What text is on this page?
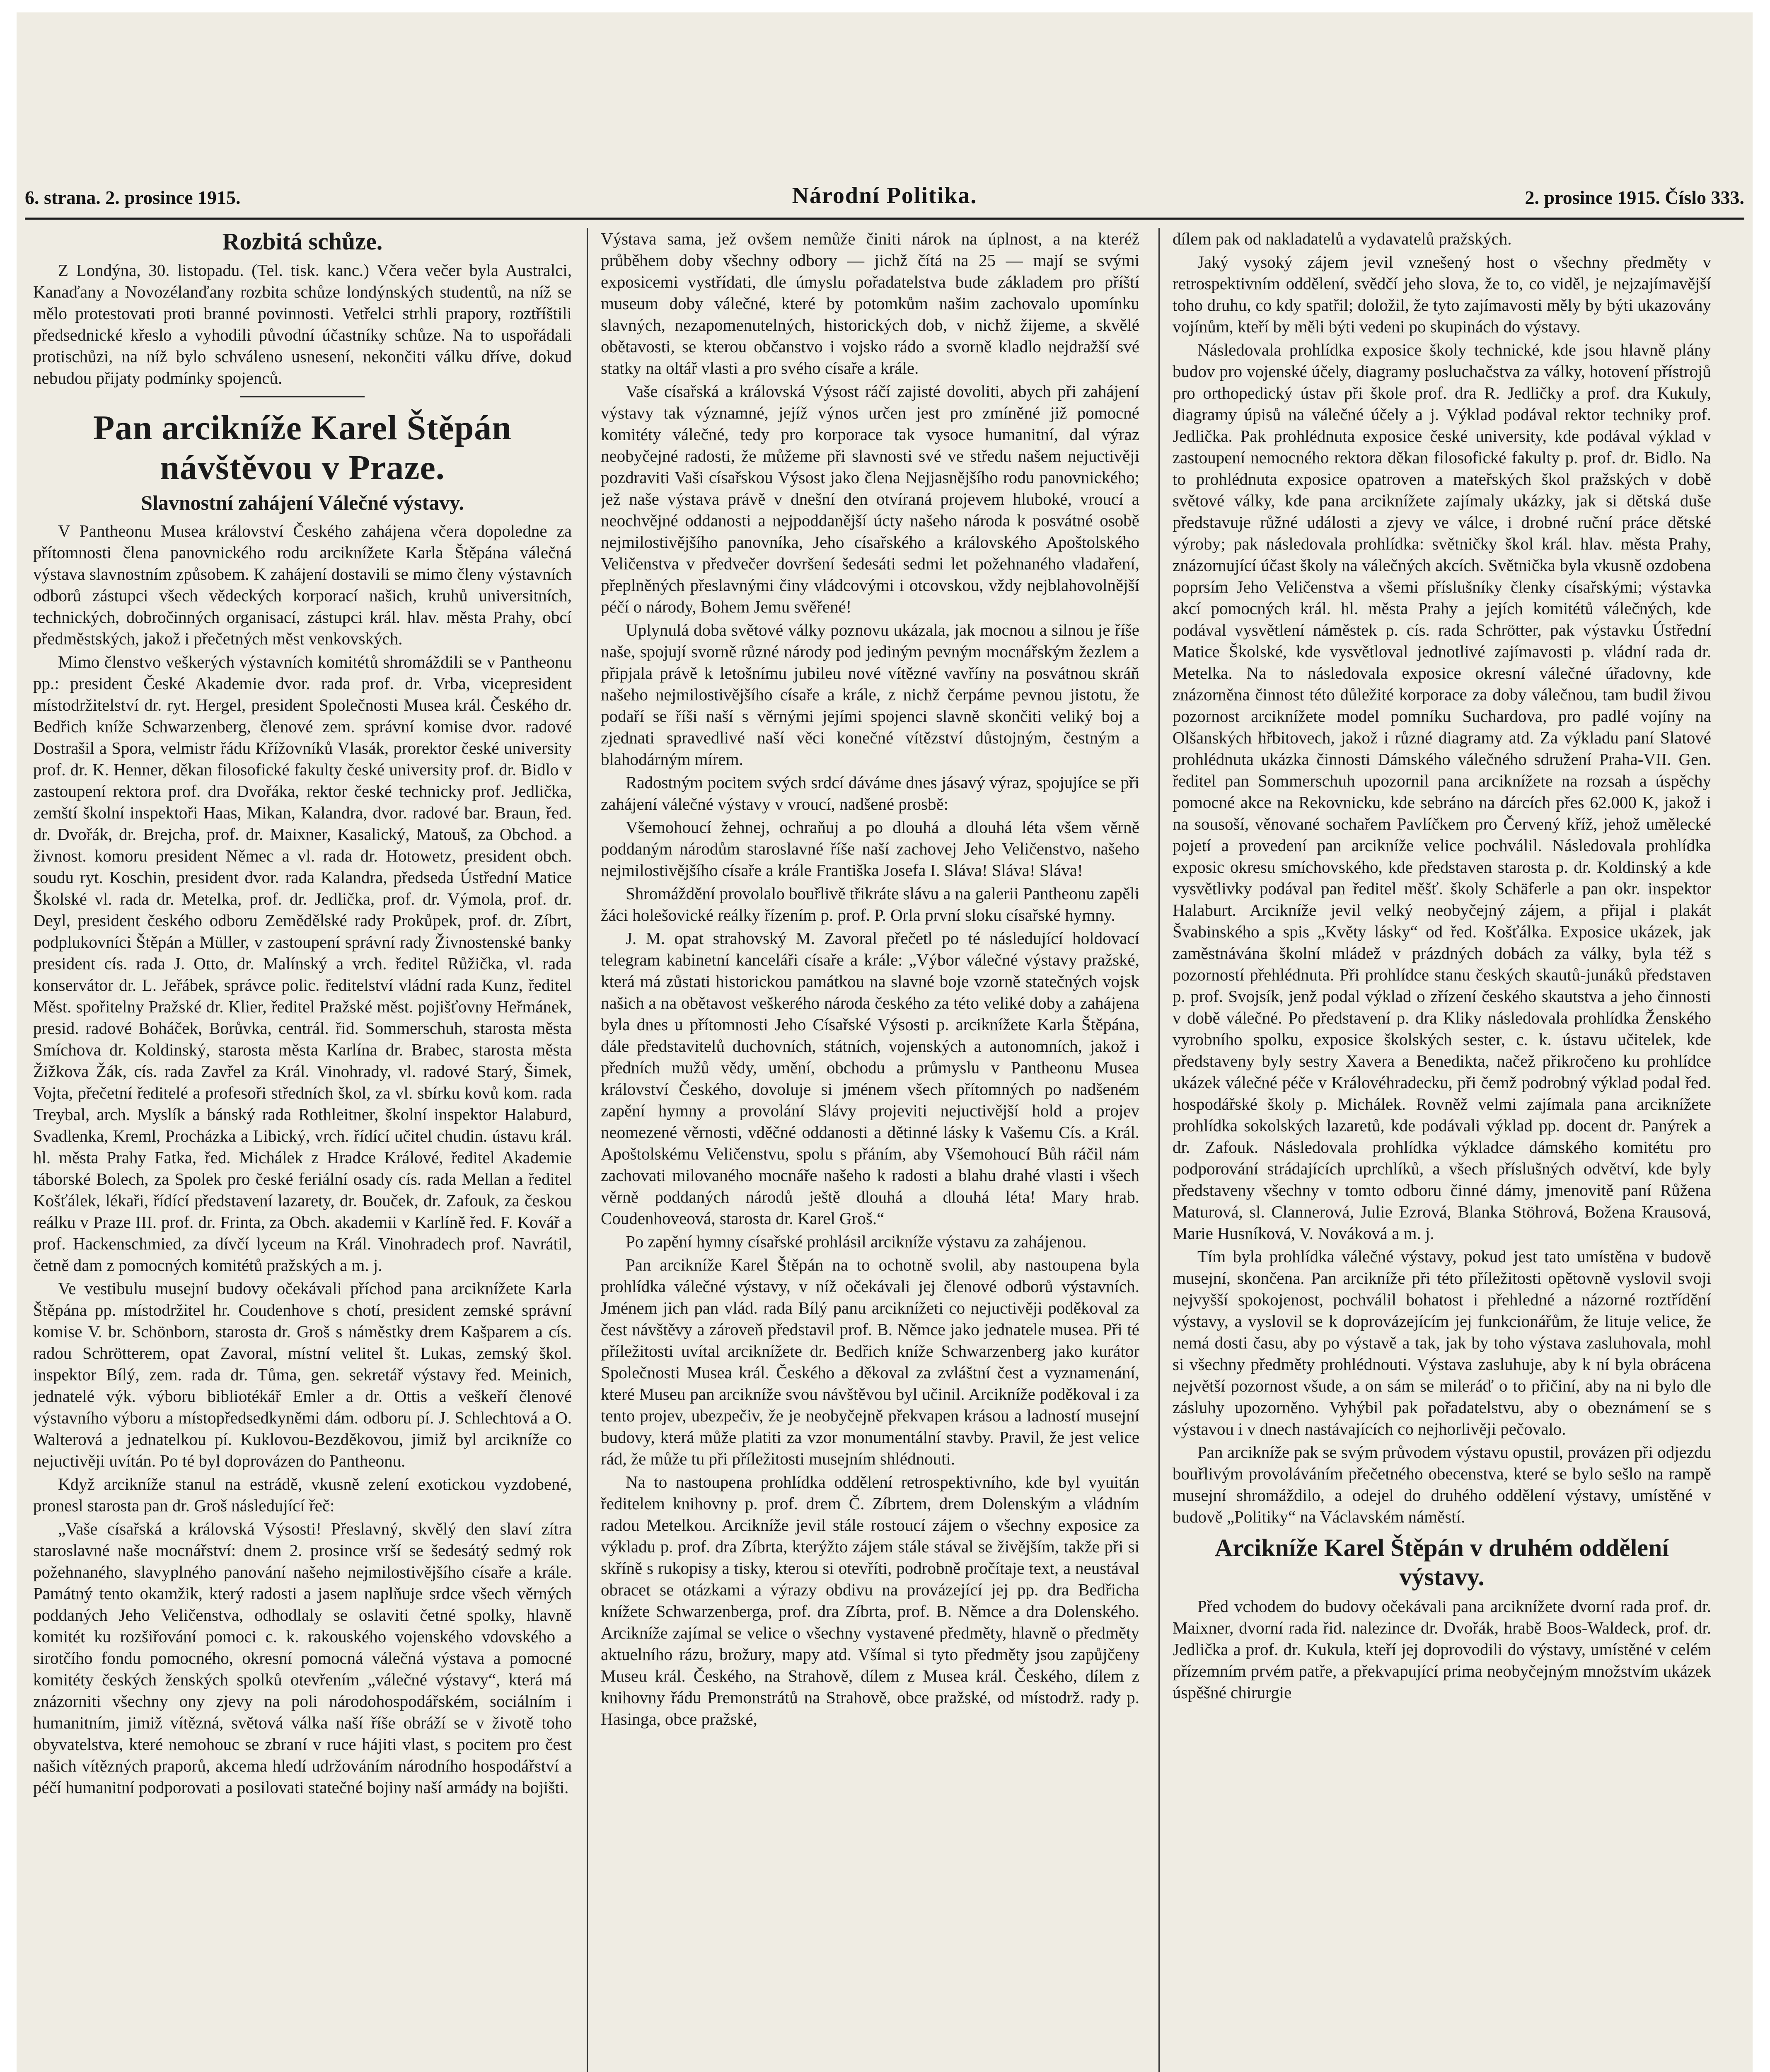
6. strana. 2. prosince 1915.	Národní Politika.	2. prosince 1915. Číslo 333.
Rozbitá schůze.

Z Londýna, 30. listopadu. (Tel. tisk. kanc.) Včera večer byla Australci, Kanaďany a Novozélanďany rozbita schůze londýnských studentů, na níž se mělo protestovati proti branné povinnosti. Vetřelci strhli prapory, roztříštili předsednické křeslo a vyhodili původní účastníky schůze. Na to uspořádali protischůzi, na níž bylo schváleno usnesení, nekončiti válku dříve, dokud nebudou přijaty podmínky spojenců.

Pan arcikníže Karel Štěpán návštěvou v Praze.
Slavnostní zahájení Válečné výstavy.

V Pantheonu Musea království Českého zahájena včera dopoledne za přítomnosti člena panovnického rodu arciknížete Karla Štěpána válečná výstava slavnostním způsobem. K zahájení dostavili se mimo členy výstavních odborů zástupci všech vědeckých korporací našich, kruhů universitních, technických, dobročinných organisací, zástupci král. hlav. města Prahy, obcí předměstských, jakož i přečetných měst venkovských.

Mimo členstvo veškerých výstavních komitétů shromáždili se v Pantheonu pp.: president České Akademie dvor. rada prof. dr. Vrba, vicepresident místodržitelství dr. ryt. Hergel, president Společnosti Musea král. Českého dr. Bedřich kníže Schwarzenberg, členové zem. správní komise dvor. radové Dostrašil a Spora, velmistr řádu Křížovníků Vlasák, prorektor české university prof. dr. K. Henner, děkan filosofické fakulty české university prof. dr. Bidlo v zastoupení rektora prof. dra Dvořáka, rektor české technicky prof. Jedlička, zemští školní inspektoři Haas, Mikan, Kalandra, dvor. radové bar. Braun, řed. dr. Dvořák, dr. Brejcha, prof. dr. Maixner, Kasalický, Matouš, za Obchod. a živnost. komoru president Němec a vl. rada dr. Hotowetz, president obch. soudu ryt. Koschin, president dvor. rada Kalandra, předseda Ústřední Matice Školské vl. rada dr. Metelka, prof. dr. Jedlička, prof. dr. Výmola, prof. dr. Deyl, president českého odboru Zemědělské rady Prokůpek, prof. dr. Zíbrt, podplukovníci Štěpán a Müller, v zastoupení správní rady Živnostenské banky president cís. rada J. Otto, dr. Malínský a vrch. ředitel Růžička, vl. rada konservátor dr. L. Jeřábek, správce polic. ředitelství vládní rada Kunz, ředitel Měst. spořitelny Pražské dr. Klier, ředitel Pražské měst. pojišťovny Heřmánek, presid. radové Boháček, Borůvka, centrál. řid. Sommerschuh, starosta města Smíchova dr. Koldinský, starosta města Karlína dr. Brabec, starosta města Žižkova Žák, cís. rada Zavřel za Král. Vinohrady, vl. radové Starý, Šimek, Vojta, přečetní ředitelé a profesoři středních škol, za vl. sbírku kovů kom. rada Treybal, arch. Myslík a bánský rada Rothleitner, školní inspektor Halaburd, Svadlenka, Kreml, Procházka a Libický, vrch. řídící učitel chudin. ústavu král. hl. města Prahy Fatka, řed. Michálek z Hradce Králové, ředitel Akademie táborské Bolech, za Spolek pro české feriální osady cís. rada Mellan a ředitel Košťálek, lékaři, řídící představení lazarety, dr. Bouček, dr. Zafouk, za českou reálku v Praze III. prof. dr. Frinta, za Obch. akademii v Karlíně řed. F. Kovář a prof. Hackenschmied, za dívčí lyceum na Král. Vinohradech prof. Navrátil, četně dam z pomocných komitétů pražských a m. j.

Ve vestibulu musejní budovy očekávali příchod pana arciknížete Karla Štěpána pp. místodržitel hr. Coudenhove s chotí, president zemské správní komise V. br. Schönborn, starosta dr. Groš s náměstky drem Kašparem a cís. radou Schrötterem, opat Zavoral, místní velitel št. Lukas, zemský škol. inspektor Bílý, zem. rada dr. Tůma, gen. sekretář výstavy řed. Meinich, jednatelé výk. výboru bibliotékář Emler a dr. Ottis a veškeří členové výstavního výboru a místopředsedkyněmi dám. odboru pí. J. Schlechtová a O. Walterová a jednatelkou pí. Kuklovou-Bezděkovou, jimiž byl arcikníže co nejuctivěji uvítán. Po té byl doprovázen do Pantheonu.

Když arcikníže stanul na estrádě, vkusně zelení exotickou vyzdobené, pronesl starosta pan dr. Groš následující řeč:

„Vaše císařská a královská Výsosti! Přeslavný, skvělý den slaví zítra staroslavné naše mocnářství: dnem 2. prosince vrší se šedesátý sedmý rok požehnaného, slavyplného panování našeho nejmilostivějšího císaře a krále. Památný tento okamžik, který radosti a jasem naplňuje srdce všech věrných poddaných Jeho Veličenstva, odhodlaly se oslaviti četné spolky, hlavně komitét ku rozšiřování pomoci c. k. rakouského vojenského vdovského a sirotčího fondu pomocného, okresní pomocná válečná výstava a pomocné komitéty českých ženských spolků otevřením „válečné výstavy“, která má znázorniti všechny ony zjevy na poli národohospodářském, sociálním i humanitním, jimiž vítězná, světová válka naší říše obráží se v životě toho obyvatelstva, které nemohouc se zbraní v ruce hájiti vlast, s pocitem pro čest našich vítězných praporů, akcema hledí udržováním národního hospodářství a péčí humanitní podporovati a posilovati statečné bojiny naší armády na bojišti.

Výstava sama, jež ovšem nemůže činiti nárok na úplnost, a na kteréž průběhem doby všechny odbory — jichž čítá na 25 — mají se svými exposicemi vystřídati, dle úmyslu pořadatelstva bude základem pro příští museum doby válečné, které by potomkům našim zachovalo upomínku slavných, nezapomenutelných, historických dob, v nichž žijeme, a skvělé obětavosti, se kterou občanstvo i vojsko rádo a svorně kladlo nejdražší své statky na oltář vlasti a pro svého císaře a krále.

Vaše císařská a královská Výsost ráčí zajisté dovoliti, abych při zahájení výstavy tak významné, jejíž výnos určen jest pro zmíněné již pomocné komitéty válečné, tedy pro korporace tak vysoce humanitní, dal výraz neobyčejné radosti, že můžeme při slavnosti své ve středu našem nejuctivěji pozdraviti Vaši císařskou Výsost jako člena Nejjasnějšího rodu panovnického; jež naše výstava právě v dnešní den otvíraná projevem hluboké, vroucí a neochvějné oddanosti a nejpoddanější úcty našeho národa k posvátné osobě nejmilostivějšího panovníka, Jeho císařského a královského Apoštolského Veličenstva v předvečer dovršení šedesáti sedmi let požehnaného vladaření, přeplněných přeslavnými činy vládcovými i otcovskou, vždy nejblahovolnější péčí o národy, Bohem Jemu svěřené!

Uplynulá doba světové války poznovu ukázala, jak mocnou a silnou je říše naše, spojují svorně různé národy pod jediným pevným mocnářským žezlem a připjala právě k letošnímu jubileu nové vítězné vavříny na posvátnou skráň našeho nejmilostivějšího císaře a krále, z nichž čerpáme pevnou jistotu, že podaří se říši naší s věrnými jejími spojenci slavně skončiti veliký boj a zjednati spravedlivé naší věci konečné vítězství důstojným, čestným a blahodárným mírem.

Radostným pocitem svých srdcí dáváme dnes jásavý výraz, spojujíce se při zahájení válečné výstavy v vroucí, nadšené prosbě:

Všemohoucí žehnej, ochraňuj a po dlouhá a dlouhá léta všem věrně poddaným národům staroslavné říše naší zachovej Jeho Veličenstvo, našeho nejmilostivějšího císaře a krále Františka Josefa I. Sláva! Sláva! Sláva!

Shromáždění provolalo bouřlivě třikráte slávu a na galerii Pantheonu zapěli žáci holešovické reálky řízením p. prof. P. Orla první sloku císařské hymny.

J. M. opat strahovský M. Zavoral přečetl po té následující holdovací telegram kabinetní kanceláři císaře a krále: „Výbor válečné výstavy pražské, která má zůstati historickou památkou na slavné boje vzorně statečných vojsk našich a na obětavost veškerého národa českého za této veliké doby a zahájena byla dnes u přítomnosti Jeho Císařské Výsosti p. arciknížete Karla Štěpána, dále představitelů duchovních, státních, vojenských a autonomních, jakož i předních mužů vědy, umění, obchodu a průmyslu v Pantheonu Musea království Českého, dovoluje si jménem všech přítomných po nadšeném zapění hymny a provolání Slávy projeviti nejuctivější hold a projev neomezené věrnosti, vděčné oddanosti a dětinné lásky k Vašemu Cís. a Král. Apoštolskému Veličenstvu, spolu s přáním, aby Všemohoucí Bůh ráčil nám zachovati milovaného mocnáře našeho k radosti a blahu drahé vlasti i všech věrně poddaných národů ještě dlouhá a dlouhá léta! Mary hrab. Coudenhoveová, starosta dr. Karel Groš.“

Po zapění hymny císařské prohlásil arcikníže výstavu za zahájenou.

Pan arcikníže Karel Štěpán na to ochotně svolil, aby nastoupena byla prohlídka válečné výstavy, v níž očekávali jej členové odborů výstavních. Jménem jich pan vlád. rada Bílý panu arciknížeti co nejuctivěji poděkoval za čest návštěvy a zároveň představil prof. B. Němce jako jednatele musea. Při té příležitosti uvítal arciknížete dr. Bedřich kníže Schwarzenberg jako kurátor Společnosti Musea král. Českého a děkoval za zvláštní čest a vyznamenání, které Museu pan arcikníže svou návštěvou byl učinil. Arcikníže poděkoval i za tento projev, ubezpečiv, že je neobyčejně překvapen krásou a ladností musejní budovy, která může platiti za vzor monumentální stavby. Pravil, že jest velice rád, že může tu při příležitosti musejním shlédnouti.

Na to nastoupena prohlídka oddělení retrospektivního, kde byl vyuitán ředitelem knihovny p. prof. drem Č. Zíbrtem, drem Dolenským a vládním radou Metelkou. Arcikníže jevil stále rostoucí zájem o všechny exposice za výkladu p. prof. dra Zíbrta, kterýžto zájem stále stával se živějším, takže při si skříně s rukopisy a tisky, kterou si otevříti, podrobně pročítaje text, a neustával obracet se otázkami a výrazy obdivu na provázející jej pp. dra Bedřicha knížete Schwarzenberga, prof. dra Zíbrta, prof. B. Němce a dra Dolenského. Arcikníže zajímal se velice o všechny vystavené předměty, hlavně o předměty aktuelního rázu, brožury, mapy atd. Všímal si tyto předměty jsou zapůjčeny Museu král. Českého, na Strahově, dílem z Musea král. Českého, dílem z knihovny řádu Premonstrátů na Strahově, obce pražské, od místodrž. rady p. Hasinga, obce pražské,

dílem pak od nakladatelů a vydavatelů pražských.

Jaký vysoký zájem jevil vznešený host o všechny předměty v retrospektivním oddělení, svědčí jeho slova, že to, co viděl, je nejzajímavější toho druhu, co kdy spatřil; doložil, že tyto zajímavosti měly by býti ukazovány vojínům, kteří by měli býti vedeni po skupinách do výstavy.

Následovala prohlídka exposice školy technické, kde jsou hlavně plány budov pro vojenské účely, diagramy posluchačstva za války, hotovení přístrojů pro orthopedický ústav při škole prof. dra R. Jedličky a prof. dra Kukuly, diagramy úpisů na válečné účely a j. Výklad podával rektor techniky prof. Jedlička. Pak prohlédnuta exposice české university, kde podával výklad v zastoupení nemocného rektora děkan filosofické fakulty p. prof. dr. Bidlo. Na to prohlédnuta exposice opatroven a mateřských škol pražských v době světové války, kde pana arciknížete zajímaly ukázky, jak si dětská duše představuje růžné události a zjevy ve válce, i drobné ruční práce dětské výroby; pak následovala prohlídka: světničky škol král. hlav. města Prahy, znázornující účast školy na válečných akcích. Světnička byla vkusně ozdobena poprsím Jeho Veličenstva a všemi příslušníky členky císařskými; výstavka akcí pomocných král. hl. města Prahy a jejích komitétů válečných, kde podával vysvětlení náměstek p. cís. rada Schrötter, pak výstavku Ústřední Matice Školské, kde vysvětloval jednotlivé zajímavosti p. vládní rada dr. Metelka. Na to následovala exposice okresní válečné úřadovny, kde znázorněna činnost této důležité korporace za doby válečnou, tam budil živou pozornost arciknížete model pomníku Suchardova, pro padlé vojíny na Olšanských hřbitovech, jakož i různé diagramy atd. Za výkladu paní Slatové prohlédnuta ukázka činnosti Dámského válečného sdružení Praha-VII. Gen. ředitel pan Sommerschuh upozornil pana arciknížete na rozsah a úspěchy pomocné akce na Rekovnicku, kde sebráno na dárcích přes 62.000 K, jakož i na sousoší, věnované sochařem Pavlíčkem pro Červený kříž, jehož umělecké pojetí a provedení pan arcikníže velice pochválil. Následovala prohlídka exposic okresu smíchovského, kde představen starosta p. dr. Koldinský a kde vysvětlivky podával pan ředitel měšť. školy Schäferle a pan okr. inspektor Halaburt. Arcikníže jevil velký neobyčejný zájem, a přijal i plakát Švabinského a spis „Květy lásky“ od řed. Košťálka. Exposice ukázek, jak zaměstnávána školní mládež v prázdných dobách za války, byla též s pozorností přehlédnuta. Při prohlídce stanu českých skautů-junáků představen p. prof. Svojsík, jenž podal výklad o zřízení českého skautstva a jeho činnosti v době válečné. Po představení p. dra Kliky následovala prohlídka Ženského vyrobního spolku, exposice školských sester, c. k. ústavu učitelek, kde představeny byly sestry Xavera a Benedikta, načež přikročeno ku prohlídce ukázek válečné péče v Královéhradecku, při čemž podrobný výklad podal řed. hospodářské školy p. Michálek. Rovněž velmi zajímala pana arciknížete prohlídka sokolských lazaretů, kde podávali výklad pp. docent dr. Panýrek a dr. Zafouk. Následovala prohlídka výkladce dámského komitétu pro podporování strádajících uprchlíků, a všech příslušných odvětví, kde byly představeny všechny v tomto odboru činné dámy, jmenovitě paní Růžena Maturová, sl. Clannerová, Julie Ezrová, Blanka Stöhrová, Božena Krausová, Marie Husníková, V. Nováková a m. j.

Tím byla prohlídka válečné výstavy, pokud jest tato umístěna v budově musejní, skončena. Pan arcikníže při této příležitosti opětovně vyslovil svoji nejvyšší spokojenost, pochválil bohatost i přehledné a názorné roztřídění výstavy, a vyslovil se k doprovázejícím jej funkcionářům, že lituje velice, že nemá dosti času, aby po výstavě a tak, jak by toho výstava zasluhovala, mohl si všechny předměty prohlédnouti. Výstava zasluhuje, aby k ní byla obrácena největší pozornost všude, a on sám se mileráď o to přičiní, aby na ni bylo dle zásluhy upozorněno. Vyhýbil pak pořadatelstvu, aby o obeznámení se s výstavou i v dnech nastávajících co nejhorlivěji pečovalo.

Pan arcikníže pak se svým průvodem výstavu opustil, provázen při odjezdu bouřlivým provoláváním přečetného obecenstva, které se bylo sešlo na rampě musejní shromáždilo, a odejel do druhého oddělení výstavy, umístěné v budově „Politiky“ na Václavském náměstí.

Arcikníže Karel Štěpán v druhém oddělení výstavy.

Před vchodem do budovy očekávali pana arciknížete dvorní rada prof. dr. Maixner, dvorní rada řid. nalezince dr. Dvořák, hrabě Boos-Waldeck, prof. dr. Jedlička a prof. dr. Kukula, kteří jej doprovodili do výstavy, umístěné v celém přízemním prvém patře, a překvapující prima neobyčejným množstvím ukázek úspěšné chirurgie
